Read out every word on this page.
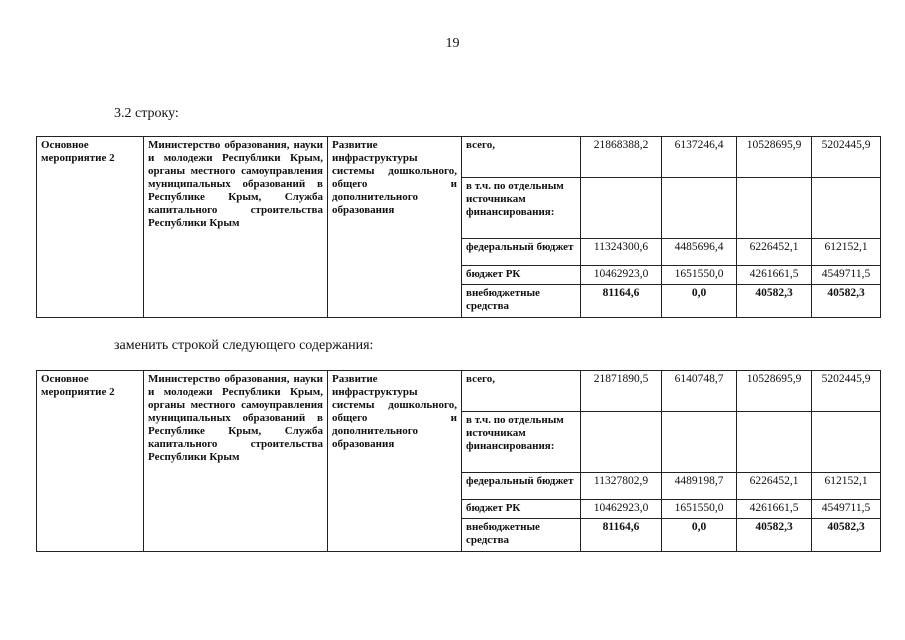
19
3.2 строку:
Основное мероприятие 2	Министерство образования, науки и молодежи Республики Крым, органы местного самоуправления муниципальных образований в Республике Крым, Служба капитального строительства Республики Крым	Развитие инфраструктуры системы дошкольного, общего и дополнительного образования	всего,	21868388,2	6137246,4	10528695,9	5202445,9
			в т.ч. по отдельным источникам финансирования:				
			федеральный бюджет	11324300,6	4485696,4	6226452,1	612152,1
			бюджет РК	10462923,0	1651550,0	4261661,5	4549711,5
			внебюджетные средства	81164,6	0,0	40582,3	40582,3
заменить строкой следующего содержания:
Основное мероприятие 2	Министерство образования, науки и молодежи Республики Крым, органы местного самоуправления муниципальных образований в Республике Крым, Служба капитального строительства Республики Крым	Развитие инфраструктуры системы дошкольного, общего и дополнительного образования	всего,	21871890,5	6140748,7	10528695,9	5202445,9
			в т.ч. по отдельным источникам финансирования:				
			федеральный бюджет	11327802,9	4489198,7	6226452,1	612152,1
			бюджет РК	10462923,0	1651550,0	4261661,5	4549711,5
			внебюджетные средства	81164,6	0,0	40582,3	40582,3
